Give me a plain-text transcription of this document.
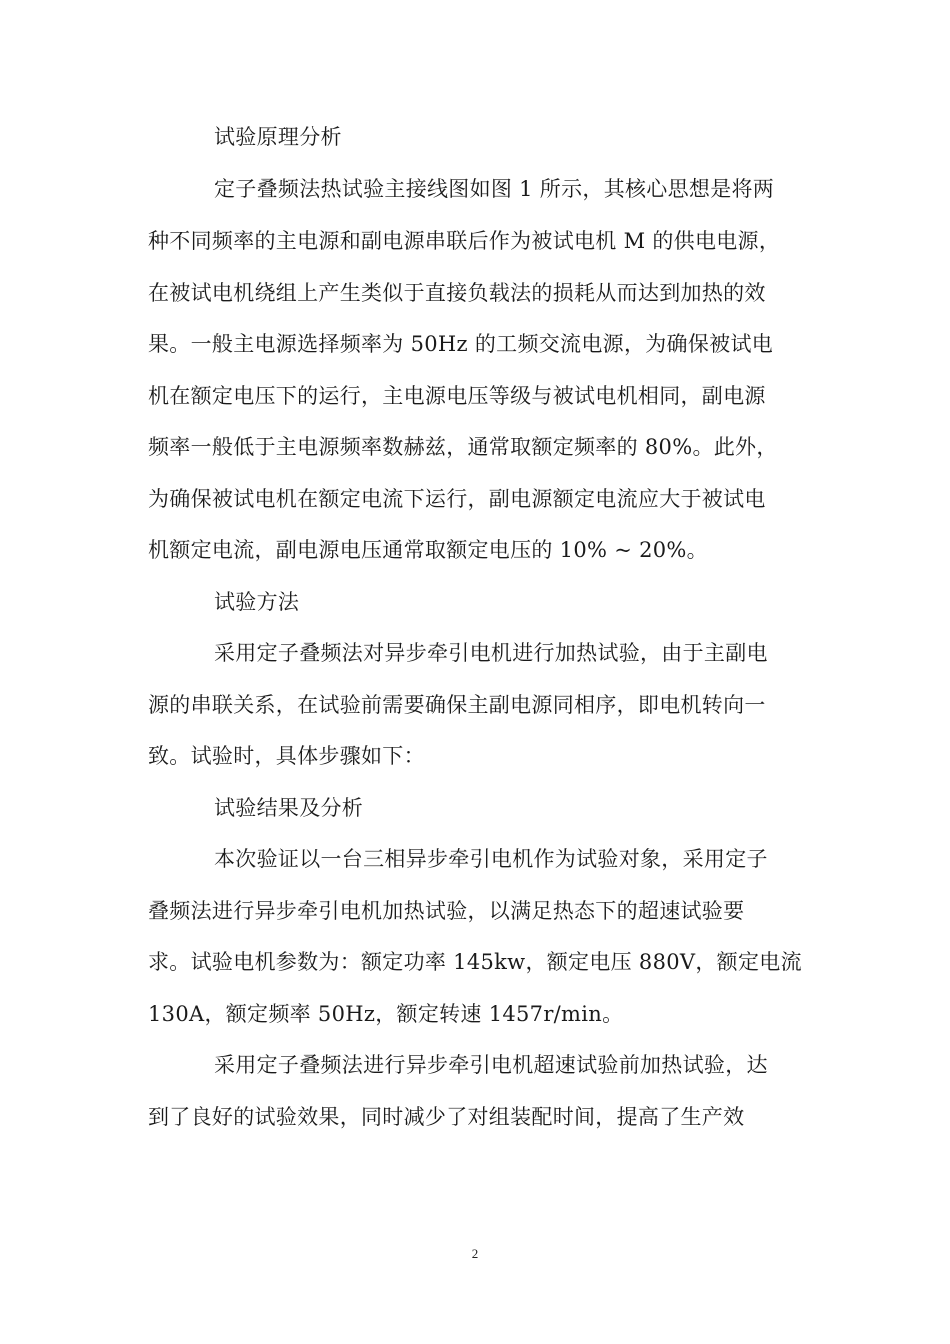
试验原理分析
定子叠频法热试验主接线图如图 1 所示，其核心思想是将两
种不同频率的主电源和副电源串联后作为被试电机 M 的供电电源，
在被试电机绕组上产生类似于直接负载法的损耗从而达到加热的效
果。一般主电源选择频率为 50Hz 的工频交流电源，为确保被试电
机在额定电压下的运行，主电源电压等级与被试电机相同，副电源
频率一般低于主电源频率数赫兹，通常取额定频率的 80%。此外，
为确保被试电机在额定电流下运行，副电源额定电流应大于被试电
机额定电流，副电源电压通常取额定电压的 10% ~ 20%。
试验方法
采用定子叠频法对异步牵引电机进行加热试验，由于主副电
源的串联关系，在试验前需要确保主副电源同相序，即电机转向一
致。试验时，具体步骤如下：
试验结果及分析
本次验证以一台三相异步牵引电机作为试验对象，采用定子
叠频法进行异步牵引电机加热试验，以满足热态下的超速试验要
求。试验电机参数为：额定功率 145kw，额定电压 880V，额定电流
130A，额定频率 50Hz，额定转速 1457r/min。
采用定子叠频法进行异步牵引电机超速试验前加热试验，达
到了良好的试验效果，同时减少了对组装配时间，提高了生产效
2
